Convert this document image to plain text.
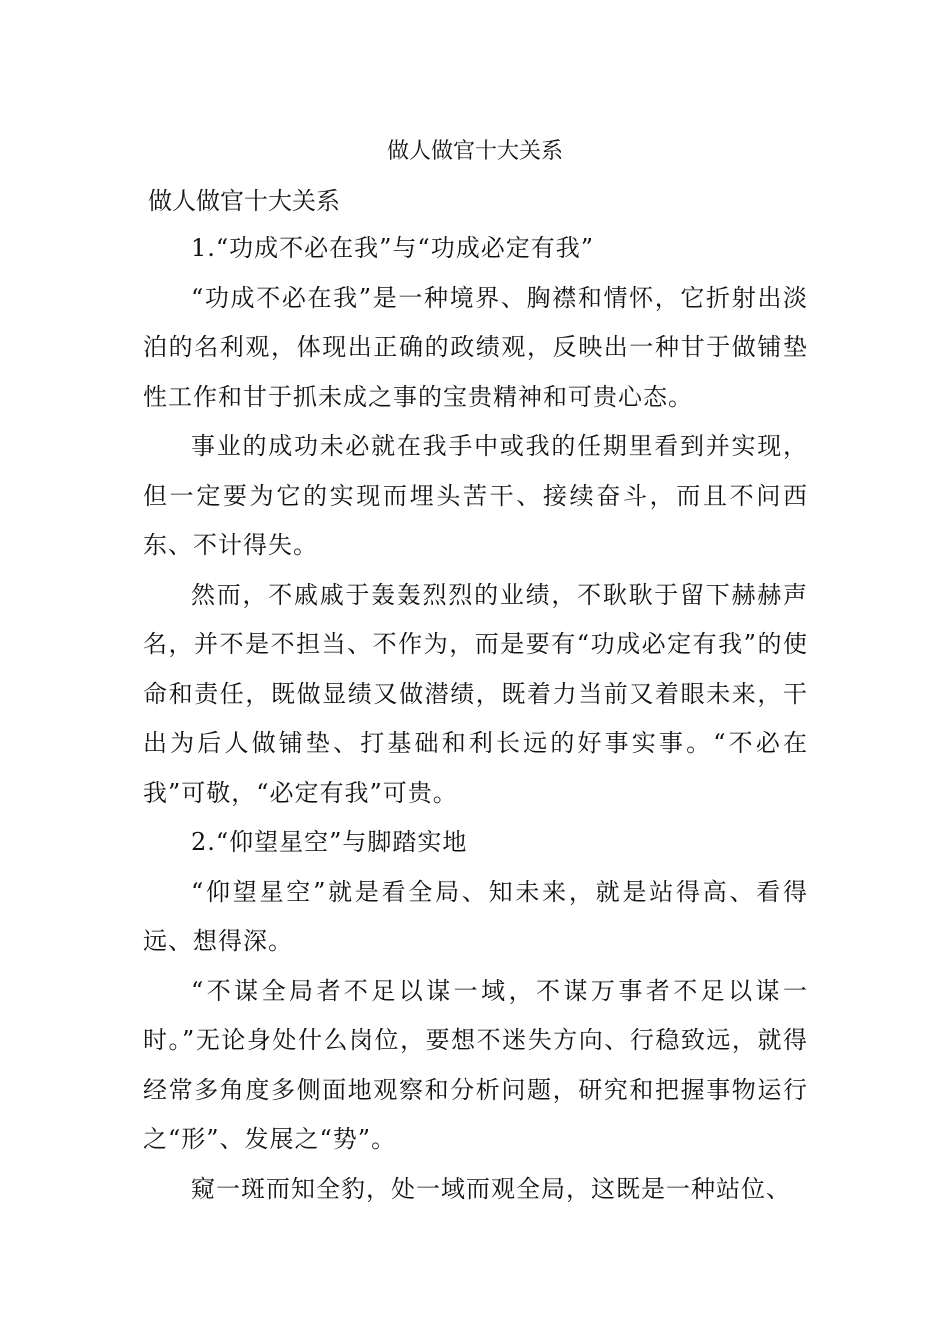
做人做官十大关系
做人做官十大关系

1.“功成不必在我”与“功成必定有我”

“功成不必在我”是一种境界、胸襟和情怀，它折射出淡泊的名利观，体现出正确的政绩观，反映出一种甘于做铺垫性工作和甘于抓未成之事的宝贵精神和可贵心态。

事业的成功未必就在我手中或我的任期里看到并实现，但一定要为它的实现而埋头苦干、接续奋斗，而且不问西东、不计得失。

然而，不戚戚于轰轰烈烈的业绩，不耿耿于留下赫赫声名，并不是不担当、不作为，而是要有“功成必定有我”的使命和责任，既做显绩又做潜绩，既着力当前又着眼未来，干出为后人做铺垫、打基础和利长远的好事实事。“不必在我”可敬，“必定有我”可贵。

2.“仰望星空”与脚踏实地

“仰望星空”就是看全局、知未来，就是站得高、看得远、想得深。

“不谋全局者不足以谋一域，不谋万事者不足以谋一时。”无论身处什么岗位，要想不迷失方向、行稳致远，就得经常多角度多侧面地观察和分析问题，研究和把握事物运行之“形”、发展之“势”。

窥一斑而知全豹，处一域而观全局，这既是一种站位、
